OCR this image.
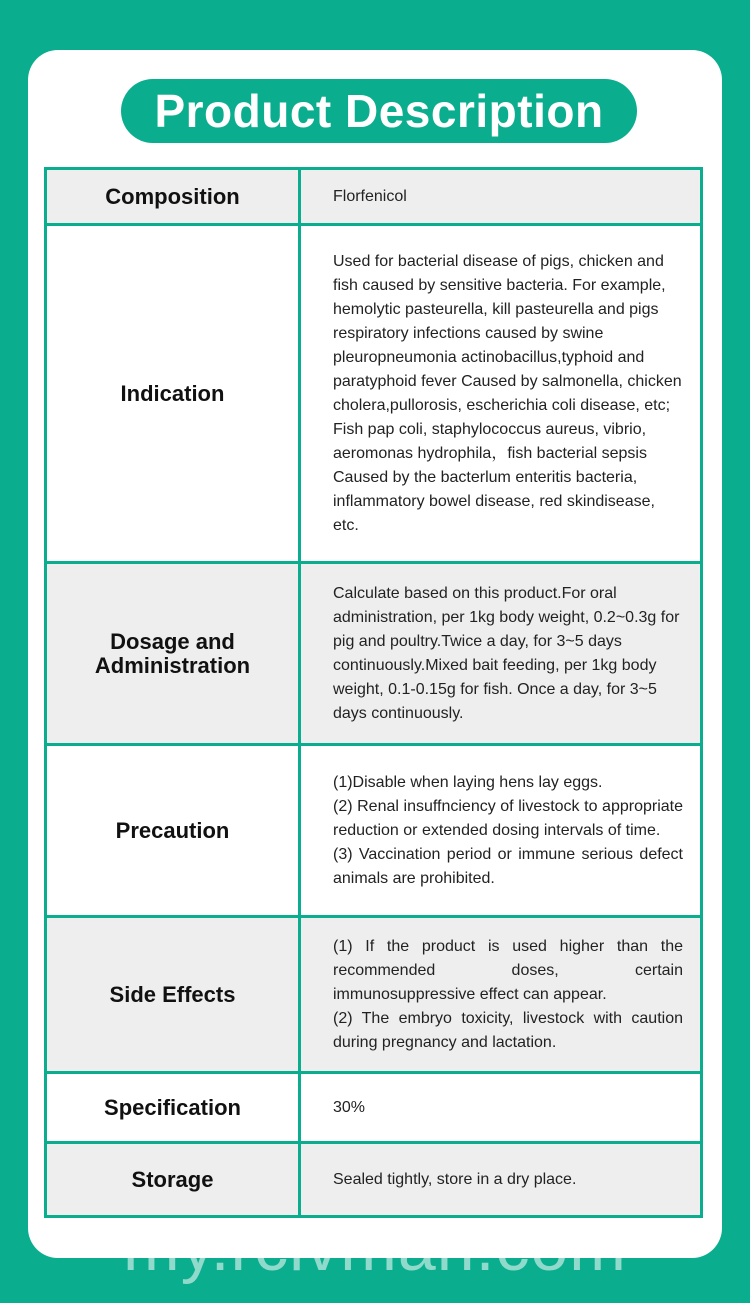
Product Description
Composition	Florfenicol
Indication	Used for bacterial disease of pigs, chicken and fish caused by sensitive bacteria. For example, hemolytic pasteurella, kill pasteurella and pigs respiratory infections caused by swine pleuropneumonia actinobacillus,typhoid and paratyphoid fever Caused by salmonella, chicken cholera,pullorosis, escherichia coli disease, etc; Fish pap coli, staphylococcus aureus, vibrio, aeromonas hydrophila，fish bacterial sepsis Caused by the bacterlum enteritis bacteria, inflammatory bowel disease, red skindisease, etc.

Dosage and
Administration	Calculate based on this product.For oral administration, per 1kg body weight, 0.2~0.3g for pig and poultry.Twice a day, for 3~5 days continuously.Mixed bait feeding, per 1kg body weight, 0.1-0.15g for fish. Once a day, for 3~5 days continuously.
Precaution	(1)Disable when laying hens lay eggs.
(2) Renal insuffnciency of livestock to appropriate reduction or extended dosing intervals of time.
(3) Vaccination period or immune serious defect animals are prohibited.

Side Effects	(1) If the product is used higher than the recommended doses, certain immunosuppressive effect can appear.
(2) The embryo toxicity, livestock with caution during pregnancy and lactation.

Specification	30%
Storage	Sealed tightly, store in a dry place.
my.rclvman.com
